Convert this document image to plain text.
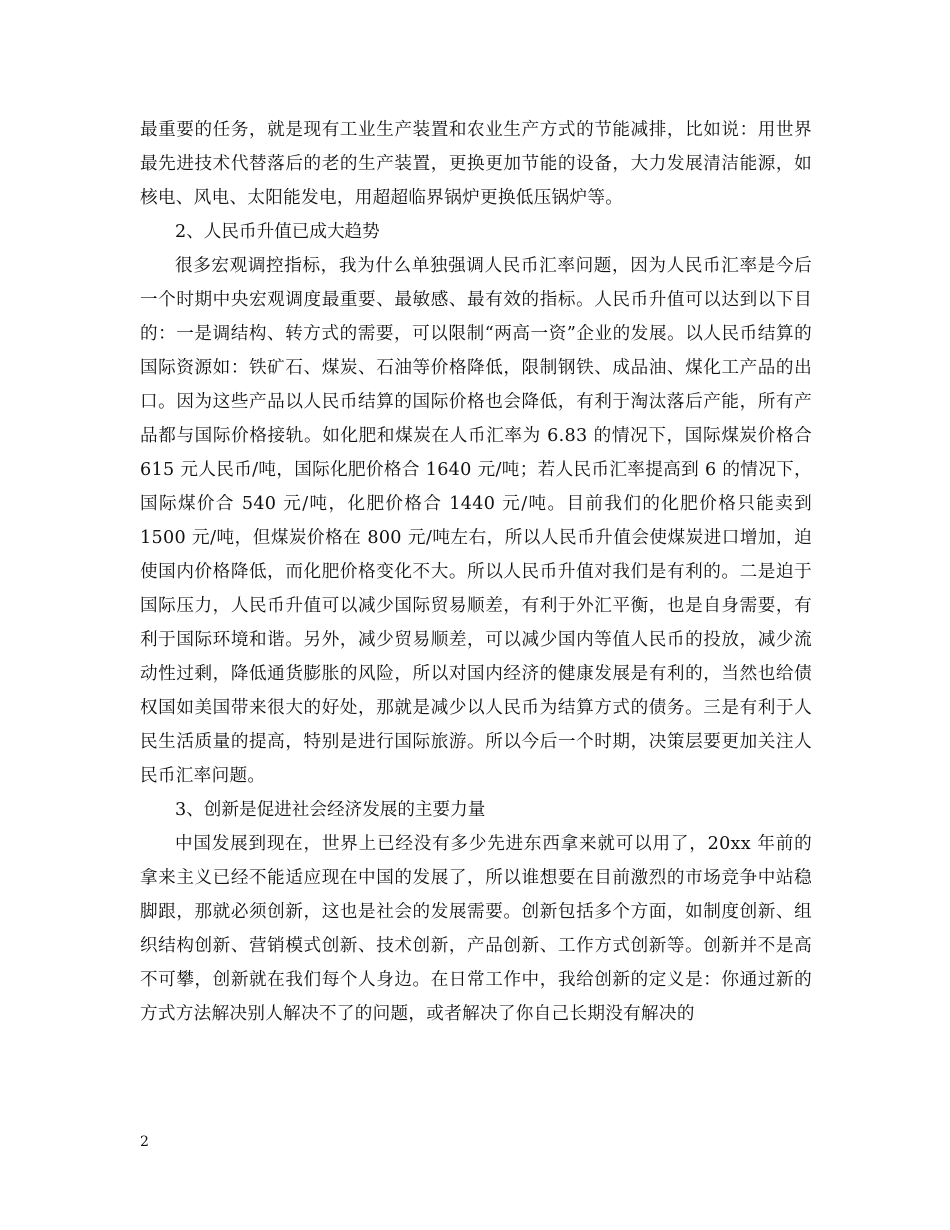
最重要的任务，就是现有工业生产装置和农业生产方式的节能减排，比如说：用世界最先进技术代替落后的老的生产装置，更换更加节能的设备，大力发展清洁能源，如核电、风电、太阳能发电，用超超临界锅炉更换低压锅炉等。

2、人民币升值已成大趋势

很多宏观调控指标，我为什么单独强调人民币汇率问题，因为人民币汇率是今后一个时期中央宏观调度最重要、最敏感、最有效的指标。人民币升值可以达到以下目的：一是调结构、转方式的需要，可以限制“两高一资”企业的发展。以人民币结算的国际资源如：铁矿石、煤炭、石油等价格降低，限制钢铁、成品油、煤化工产品的出口。因为这些产品以人民币结算的国际价格也会降低，有利于淘汰落后产能，所有产品都与国际价格接轨。如化肥和煤炭在人币汇率为 6.83 的情况下，国际煤炭价格合 615 元人民币/吨，国际化肥价格合 1640 元/吨；若人民币汇率提高到 6 的情况下，国际煤价合 540 元/吨，化肥价格合 1440 元/吨。目前我们的化肥价格只能卖到 1500 元/吨，但煤炭价格在 800 元/吨左右，所以人民币升值会使煤炭进口增加，迫使国内价格降低，而化肥价格变化不大。所以人民币升值对我们是有利的。二是迫于国际压力，人民币升值可以减少国际贸易顺差，有利于外汇平衡，也是自身需要，有利于国际环境和谐。另外，减少贸易顺差，可以减少国内等值人民币的投放，减少流动性过剩，降低通货膨胀的风险，所以对国内经济的健康发展是有利的，当然也给债权国如美国带来很大的好处，那就是减少以人民币为结算方式的债务。三是有利于人民生活质量的提高，特别是进行国际旅游。所以今后一个时期，决策层要更加关注人民币汇率问题。

3、创新是促进社会经济发展的主要力量

中国发展到现在，世界上已经没有多少先进东西拿来就可以用了，20xx 年前的拿来主义已经不能适应现在中国的发展了，所以谁想要在目前激烈的市场竞争中站稳脚跟，那就必须创新，这也是社会的发展需要。创新包括多个方面，如制度创新、组织结构创新、营销模式创新、技术创新，产品创新、工作方式创新等。创新并不是高不可攀，创新就在我们每个人身边。在日常工作中，我给创新的定义是：你通过新的方式方法解决别人解决不了的问题，或者解决了你自己长期没有解决的

2
